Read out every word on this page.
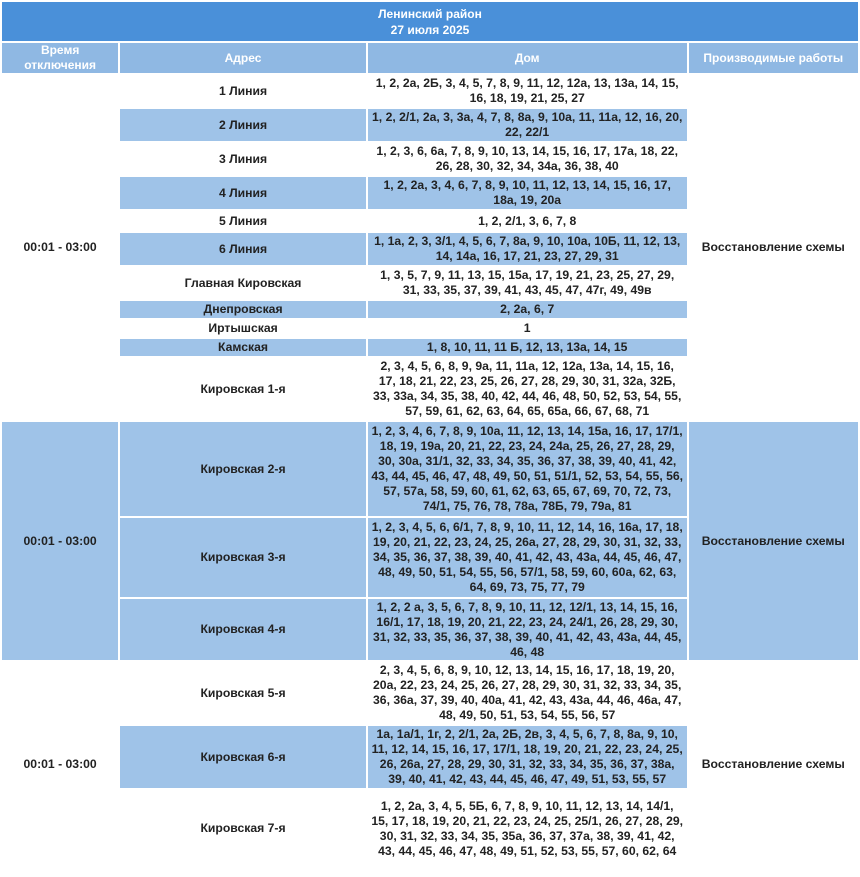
Ленинский район
27 июля 2025			

Время отключения	Адрес	Дом	Производимые работы
00:01 - 03:00	1 Линия	1, 2, 2а, 2Б, 3, 4, 5, 7, 8, 9, 11, 12, 12а, 13, 13а, 14, 15, 16, 18, 19, 21, 25, 27	Восстановление схемы
	2 Линия	1, 2, 2/1, 2а, 3, 3а, 4, 7, 8, 8а, 9, 10а, 11, 11а, 12, 16, 20, 22, 22/1	
	3 Линия	1, 2, 3, 6, 6а, 7, 8, 9, 10, 13, 14, 15, 16, 17, 17а, 18, 22, 26, 28, 30, 32, 34, 34а, 36, 38, 40	
	4 Линия	1, 2, 2а, 3, 4, 6, 7, 8, 9, 10, 11, 12, 13, 14, 15, 16, 17, 18а, 19, 20а	
	5 Линия	1, 2, 2/1, 3, 6, 7, 8	
	6 Линия	1, 1а, 2, 3, 3/1, 4, 5, 6, 7, 8а, 9, 10, 10а, 10Б, 11, 12, 13, 14, 14а, 16, 17, 21, 23, 27, 29, 31	
	Главная Кировская	1, 3, 5, 7, 9, 11, 13, 15, 15а, 17, 19, 21, 23, 25, 27, 29, 31, 33, 35, 37, 39, 41, 43, 45, 47, 47г, 49, 49в	
	Днепровская	2, 2а, 6, 7	
	Иртышская	1	
	Камская	1, 8, 10, 11, 11 Б, 12, 13, 13а, 14, 15	
	Кировская 1-я	2, 3, 4, 5, 6, 8, 9, 9а, 11, 11а, 12, 12а, 13а, 14, 15, 16, 17, 18, 21, 22, 23, 25, 26, 27, 28, 29, 30, 31, 32а, 32Б, 33, 33а, 34, 35, 38, 40, 42, 44, 46, 48, 50, 52, 53, 54, 55, 57, 59, 61, 62, 63, 64, 65, 65а, 66, 67, 68, 71	
00:01 - 03:00	Кировская 2-я	1, 2, 3, 4, 6, 7, 8, 9, 10а, 11, 12, 13, 14, 15а, 16, 17, 17/1, 18, 19, 19а, 20, 21, 22, 23, 24, 24а, 25, 26, 27, 28, 29, 30, 30а, 31/1, 32, 33, 34, 35, 36, 37, 38, 39, 40, 41, 42, 43, 44, 45, 46, 47, 48, 49, 50, 51, 51/1, 52, 53, 54, 55, 56, 57, 57а, 58, 59, 60, 61, 62, 63, 65, 67, 69, 70, 72, 73, 74/1, 75, 76, 78, 78а, 78Б, 79, 79а, 81	Восстановление схемы
	Кировская 3-я	1, 2, 3, 4, 5, 6, 6/1, 7, 8, 9, 10, 11, 12, 14, 16, 16а, 17, 18, 19, 20, 21, 22, 23, 24, 25, 26а, 27, 28, 29, 30, 31, 32, 33, 34, 35, 36, 37, 38, 39, 40, 41, 42, 43, 43а, 44, 45, 46, 47, 48, 49, 50, 51, 54, 55, 56, 57/1, 58, 59, 60, 60а, 62, 63, 64, 69, 73, 75, 77, 79	
	Кировская 4-я	1, 2, 2 а, 3, 5, 6, 7, 8, 9, 10, 11, 12, 12/1, 13, 14, 15, 16, 16/1, 17, 18, 19, 20, 21, 22, 23, 24, 24/1, 26, 28, 29, 30, 31, 32, 33, 35, 36, 37, 38, 39, 40, 41, 42, 43, 43а, 44, 45, 46, 48	
00:01 - 03:00	Кировская 5-я	2, 3, 4, 5, 6, 8, 9, 10, 12, 13, 14, 15, 16, 17, 18, 19, 20, 20а, 22, 23, 24, 25, 26, 27, 28, 29, 30, 31, 32, 33, 34, 35, 36, 36а, 37, 39, 40, 40а, 41, 42, 43, 43а, 44, 46, 46а, 47, 48, 49, 50, 51, 53, 54, 55, 56, 57	Восстановление схемы
	Кировская 6-я	1а, 1а/1, 1г, 2, 2/1, 2а, 2Б, 2в, 3, 4, 5, 6, 7, 8, 8а, 9, 10, 11, 12, 14, 15, 16, 17, 17/1, 18, 19, 20, 21, 22, 23, 24, 25, 26, 26а, 27, 28, 29, 30, 31, 32, 33, 34, 35, 36, 37, 38а, 39, 40, 41, 42, 43, 44, 45, 46, 47, 49, 51, 53, 55, 57	
	Кировская 7-я	1, 2, 2а, 3, 4, 5, 5Б, 6, 7, 8, 9, 10, 11, 12, 13, 14, 14/1, 15, 17, 18, 19, 20, 21, 22, 23, 24, 25, 25/1, 26, 27, 28, 29, 30, 31, 32, 33, 34, 35, 35а, 36, 37, 37а, 38, 39, 41, 42, 43, 44, 45, 46, 47, 48, 49, 51, 52, 53, 55, 57, 60, 62, 64	
